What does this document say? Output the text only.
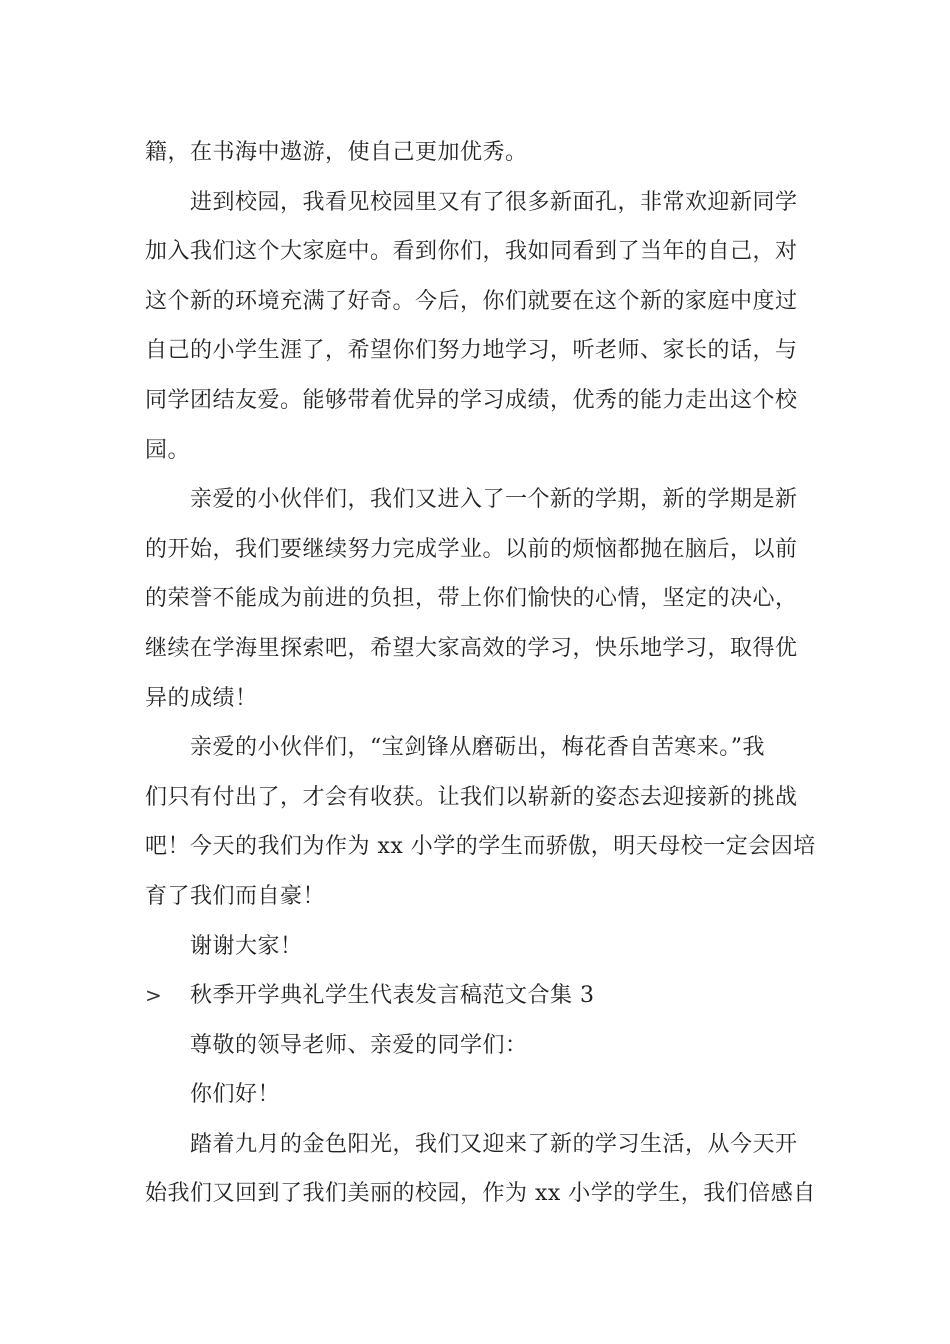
籍，在书海中遨游，使自己更加优秀。
进到校园，我看见校园里又有了很多新面孔，非常欢迎新同学
加入我们这个大家庭中。看到你们，我如同看到了当年的自己，对
这个新的环境充满了好奇。今后，你们就要在这个新的家庭中度过
自己的小学生涯了，希望你们努力地学习，听老师、家长的话，与
同学团结友爱。能够带着优异的学习成绩，优秀的能力走出这个校
园。
亲爱的小伙伴们，我们又进入了一个新的学期，新的学期是新
的开始，我们要继续努力完成学业。以前的烦恼都抛在脑后，以前
的荣誉不能成为前进的负担，带上你们愉快的心情，坚定的决心，
继续在学海里探索吧，希望大家高效的学习，快乐地学习，取得优
异的成绩！
亲爱的小伙伴们，“宝剑锋从磨砺出，梅花香自苦寒来。”我
们只有付出了，才会有收获。让我们以崭新的姿态去迎接新的挑战
吧！今天的我们为作为 xx 小学的学生而骄傲，明天母校一定会因培
育了我们而自豪！
谢谢大家！
>	秋季开学典礼学生代表发言稿范文合集 3
尊敬的领导老师、亲爱的同学们：
你们好！
踏着九月的金色阳光，我们又迎来了新的学习生活，从今天开
始我们又回到了我们美丽的校园，作为 xx 小学的学生，我们倍感自
